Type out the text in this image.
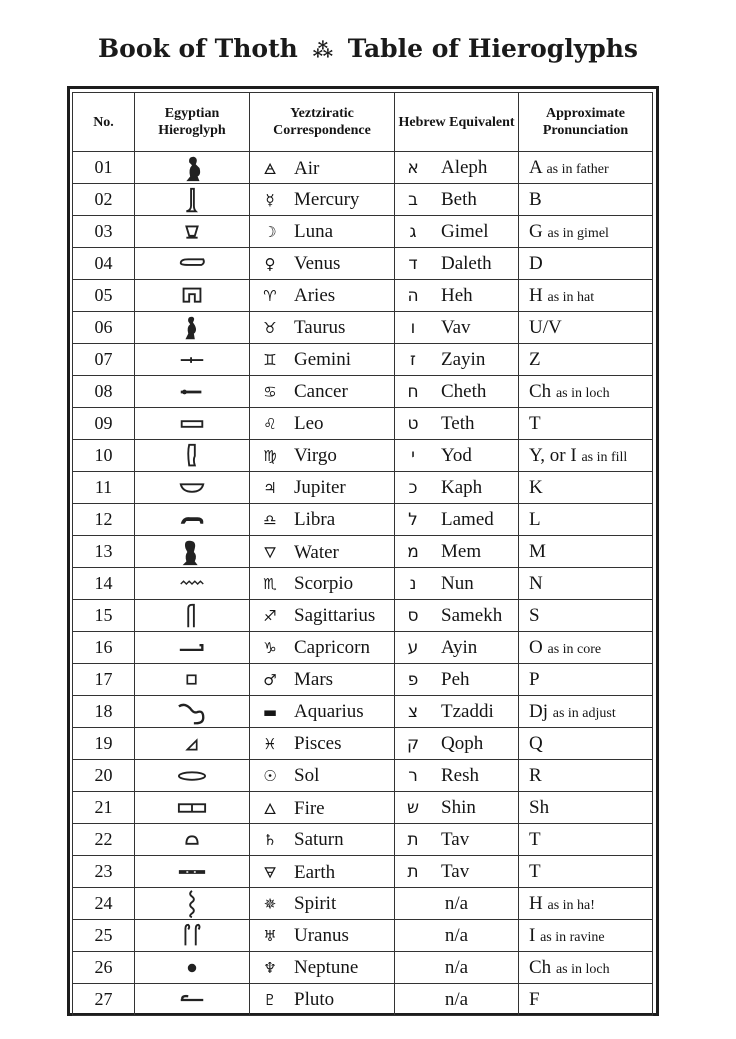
Book of Thoth ⁂ Table of Hieroglyphs
No.	Egyptian Hieroglyph	Yeztziratic Correspondence	Hebrew Equivalent	Approximate Pronunciation
01		🜁 Air	א Aleph	A as in father
02		☿ Mercury	ב Beth	B
03		☽ Luna	ג Gimel	G as in gimel
04		♀ Venus	ד Daleth	D
05		♈ Aries	ה Heh	H as in hat
06		♉ Taurus	ו Vav	U/V
07		♊ Gemini	ז Zayin	Z
08		♋ Cancer	ח Cheth	Ch as in loch
09		♌ Leo	ט Teth	T
10		♍ Virgo	י Yod	Y, or I as in fill
11		♃ Jupiter	כ Kaph	K
12		♎ Libra	ל Lamed	L
13		🜄 Water	מ Mem	M
14		♏ Scorpio	נ Nun	N
15		♐ Sagittarius	ס Samekh	S
16		♑ Capricorn	ע Ayin	O as in core
17		♂ Mars	פ Peh	P
18		▬ Aquarius	צ Tzaddi	Dj as in adjust
19		♓ Pisces	ק Qoph	Q
20		☉ Sol	ר Resh	R
21		🜂 Fire	ש Shin	Sh
22		♄ Saturn	ת Tav	T
23		🜃 Earth	ת Tav	T
24		✵ Spirit	n/a	H as in ha!
25		♅ Uranus	n/a	I as in ravine
26		♆ Neptune	n/a	Ch as in loch
27		♇ Pluto	n/a	F
